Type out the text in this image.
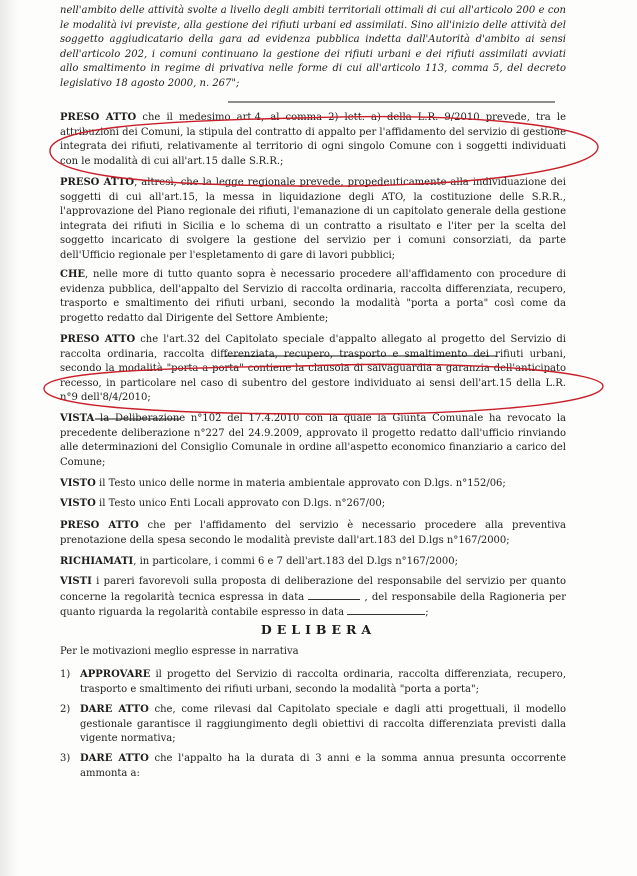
nell'ambito delle attività svolte a livello degli ambiti territoriali ottimali di cui all'articolo 200 e con le modalità ivi previste, alla gestione dei rifiuti urbani ed assimilati. Sino all'inizio delle attività del soggetto aggiudicatario della gara ad evidenza pubblica indetta dall'Autorità d'ambito ai sensi dell'articolo 202, i comuni continuano la gestione dei rifiuti urbani e dei rifiuti assimilati avviati allo smaltimento in regime di privativa nelle forme di cui all'articolo 113, comma 5, del decreto legislativo 18 agosto 2000, n. 267";

PRESO ATTO che il medesimo art.4, al comma 2) lett. a) della L.R. 9/2010 prevede, tra le attribuzioni dei Comuni, la stipula del contratto di appalto per l'affidamento del servizio di gestione integrata dei rifiuti, relativamente al territorio di ogni singolo Comune con i soggetti individuati con le modalità di cui all'art.15 dalle S.R.R.;

PRESO ATTO, altresì, che la legge regionale prevede, propedeuticamente alla individuazione dei soggetti di cui all'art.15, la messa in liquidazione degli ATO, la costituzione delle S.R.R., l'approvazione del Piano regionale dei rifiuti, l'emanazione di un capitolato generale della gestione integrata dei rifiuti in Sicilia e lo schema di un contratto a risultato e l'iter per la scelta del soggetto incaricato di svolgere la gestione del servizio per i comuni consorziati, da parte dell'Ufficio regionale per l'espletamento di gare di lavori pubblici;

CHE, nelle more di tutto quanto sopra è necessario procedere all'affidamento con procedure di evidenza pubblica, dell'appalto del Servizio di raccolta ordinaria, raccolta differenziata, recupero, trasporto e smaltimento dei rifiuti urbani, secondo la modalità "porta a porta" così come da progetto redatto dal Dirigente del Settore Ambiente;

PRESO ATTO che l'art.32 del Capitolato speciale d'appalto allegato al progetto del Servizio di raccolta ordinaria, raccolta differenziata, recupero, trasporto e smaltimento dei rifiuti urbani, secondo la modalità "porta a porta" contiene la clausola di salvaguardia a garanzia dell'anticipato recesso, in particolare nel caso di subentro del gestore individuato ai sensi dell'art.15 della L.R. n°9 dell'8/4/2010;

VISTA la Deliberazione n°102 del 17.4.2010 con la quale la Giunta Comunale ha revocato la precedente deliberazione n°227 del 24.9.2009, approvato il progetto redatto dall'ufficio rinviando alle determinazioni del Consiglio Comunale in ordine all'aspetto economico finanziario a carico del Comune;

VISTO il Testo unico delle norme in materia ambientale approvato con D.lgs. n°152/06;

VISTO il Testo unico Enti Locali approvato con D.lgs. n°267/00;

PRESO ATTO che per l'affidamento del servizio è necessario procedere alla preventiva prenotazione della spesa secondo le modalità previste dall'art.183 del D.lgs n°167/2000;

RICHIAMATI, in particolare, i commi 6 e 7 dell'art.183 del D.lgs n°167/2000;

VISTI i pareri favorevoli sulla proposta di deliberazione del responsabile del servizio per quanto concerne la regolarità tecnica espressa in data	, del responsabile della Ragioneria per quanto riguarda la regolarità contabile espresso in data	;

DELIBERA

Per le motivazioni meglio espresse in narrativa

1) APPROVARE il progetto del Servizio di raccolta ordinaria, raccolta differenziata, recupero, trasporto e smaltimento dei rifiuti urbani, secondo la modalità "porta a porta";
2) DARE ATTO che, come rilevasi dal Capitolato speciale e dagli atti progettuali, il modello gestionale garantisce il raggiungimento degli obiettivi di raccolta differenziata previsti dalla vigente normativa;
3) DARE ATTO che l'appalto ha la durata di 3 anni e la somma annua presunta occorrente ammonta a:
